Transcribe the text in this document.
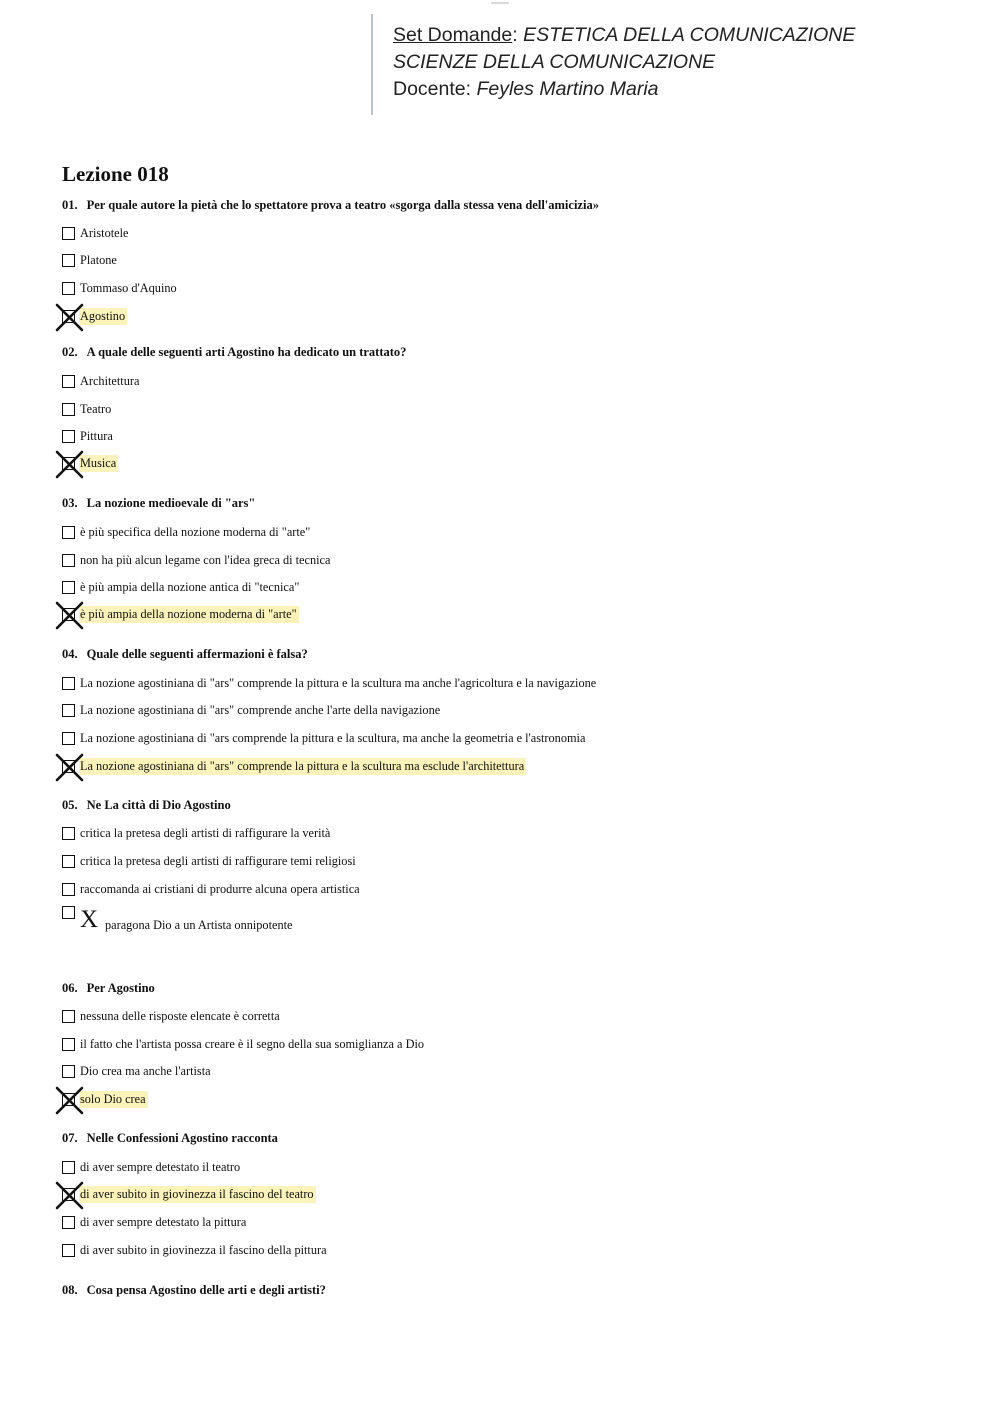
Set Domande: ESTETICA DELLA COMUNICAZIONE
SCIENZE DELLA COMUNICAZIONE
Docente: Feyles Martino Maria
Lezione 018
01. Per quale autore la pietà che lo spettatore prova a teatro «sgorga dalla stessa vena dell'amicizia»
Aristotele
Platone
Tommaso d'Aquino
Agostino
02. A quale delle seguenti arti Agostino ha dedicato un trattato?
Architettura
Teatro
Pittura
Musica
03. La nozione medioevale di "ars"
è più specifica della nozione moderna di "arte"
non ha più alcun legame con l'idea greca di tecnica
è più ampia della nozione antica di "tecnica"
è più ampia della nozione moderna di "arte"
04. Quale delle seguenti affermazioni è falsa?
La nozione agostiniana di "ars" comprende la pittura e la scultura ma anche l'agricoltura e la navigazione
La nozione agostiniana di "ars" comprende anche l'arte della navigazione
La nozione agostiniana di "ars comprende la pittura e la scultura, ma anche la geometria e l'astronomia
La nozione agostiniana di "ars" comprende la pittura e la scultura ma esclude l'architettura
05. Ne La città di Dio Agostino
critica la pretesa degli artisti di raffigurare la verità
critica la pretesa degli artisti di raffigurare temi religiosi
raccomanda ai cristiani di produrre alcuna opera artistica
X paragona Dio a un Artista onnipotente
06. Per Agostino
nessuna delle risposte elencate è corretta
il fatto che l'artista possa creare è il segno della sua somiglianza a Dio
Dio crea ma anche l'artista
solo Dio crea
07. Nelle Confessioni Agostino racconta
di aver sempre detestato il teatro
di aver subito in giovinezza il fascino del teatro
di aver sempre detestato la pittura
di aver subito in giovinezza il fascino della pittura
08. Cosa pensa Agostino delle arti e degli artisti?
